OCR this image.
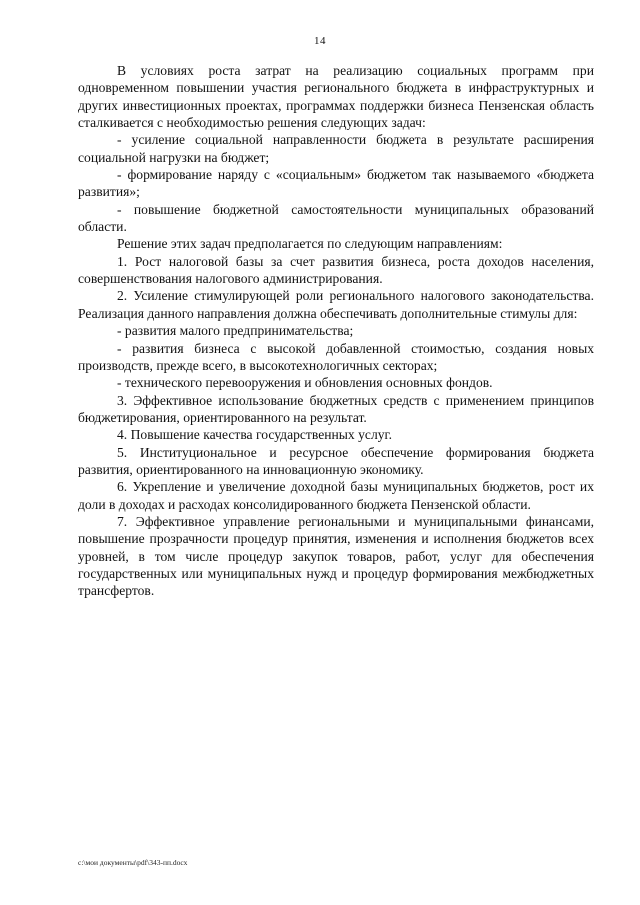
14

В условиях роста затрат на реализацию социальных программ при одновременном повышении участия регионального бюджета в инфраструктурных и других инвестиционных проектах, программах поддержки бизнеса Пензенская область сталкивается с необходимостью решения следующих задач:

- усиление социальной направленности бюджета в результате расширения социальной нагрузки на бюджет;

- формирование наряду с «социальным» бюджетом так называемого «бюджета развития»;

- повышение бюджетной самостоятельности муниципальных образований области.

Решение этих задач предполагается по следующим направлениям:

1. Рост налоговой базы за счет развития бизнеса, роста доходов населения, совершенствования налогового администрирования.

2. Усиление стимулирующей роли регионального налогового законодательства. Реализация данного направления должна обеспечивать дополнительные стимулы для:

- развития малого предпринимательства;

- развития бизнеса с высокой добавленной стоимостью, создания новых производств, прежде всего, в высокотехнологичных секторах;

- технического перевооружения и обновления основных фондов.

3. Эффективное использование бюджетных средств с применением принципов бюджетирования, ориентированного на результат.

4. Повышение качества государственных услуг.

5. Институциональное и ресурсное обеспечение формирования бюджета развития, ориентированного на инновационную экономику.

6. Укрепление и увеличение доходной базы муниципальных бюджетов, рост их доли в доходах и расходах консолидированного бюджета Пензенской области.

7. Эффективное управление региональными и муниципальными финансами, повышение прозрачности процедур принятия, изменения и исполнения бюджетов всех уровней, в том числе процедур закупок товаров, работ, услуг для обеспечения государственных или муниципальных нужд и процедур формирования межбюджетных трансфертов.

c:\мои документы\pdf\343-пп.docx
